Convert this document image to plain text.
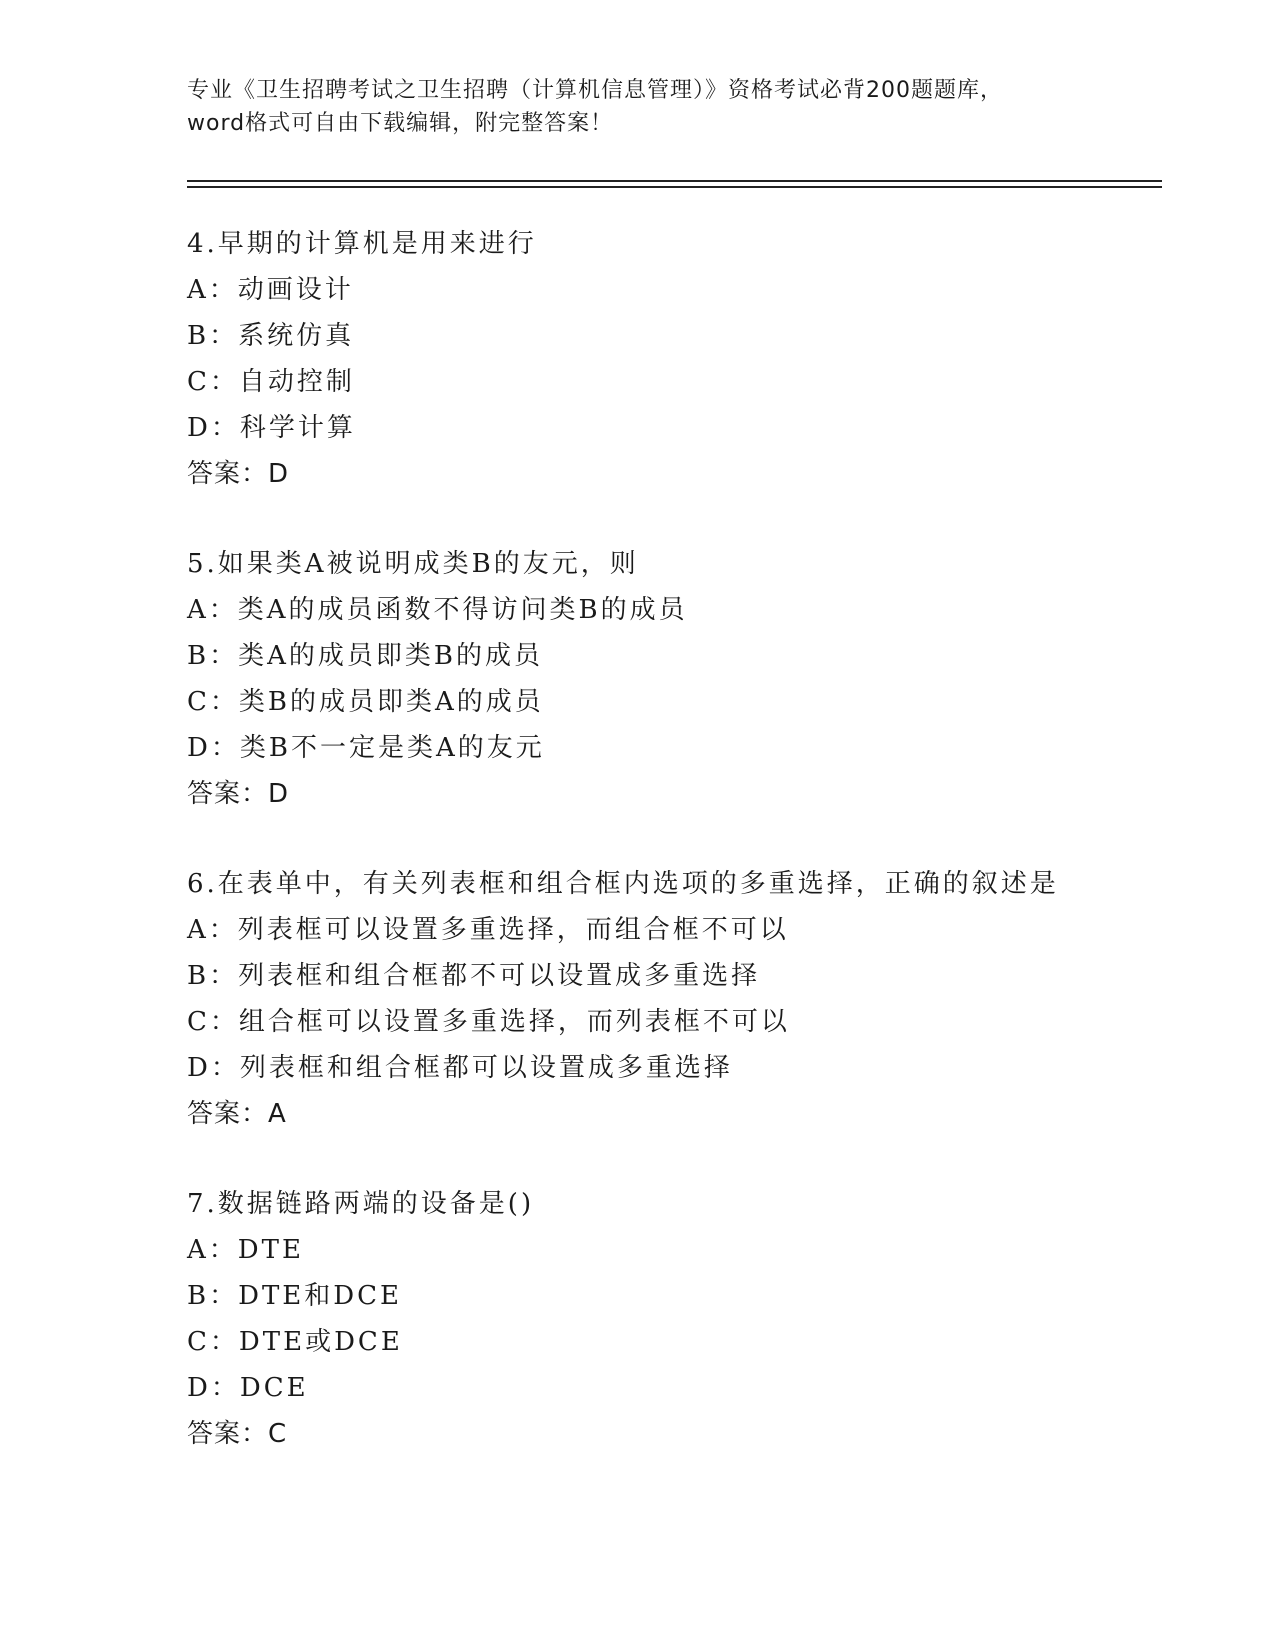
专业《卫生招聘考试之卫生招聘（计算机信息管理）》资格考试必背200题题库，
word格式可自由下载编辑，附完整答案！
4.早期的计算机是用来进行
A：动画设计
B：系统仿真
C：自动控制
D：科学计算
答案：D
5.如果类A被说明成类B的友元，则
A：类A的成员函数不得访问类B的成员
B：类A的成员即类B的成员
C：类B的成员即类A的成员
D：类B不一定是类A的友元
答案：D
6.在表单中，有关列表框和组合框内选项的多重选择，正确的叙述是
A：列表框可以设置多重选择，而组合框不可以
B：列表框和组合框都不可以设置成多重选择
C：组合框可以设置多重选择，而列表框不可以
D：列表框和组合框都可以设置成多重选择
答案：A
7.数据链路两端的设备是()
A：DTE
B：DTE和DCE
C：DTE或DCE
D：DCE
答案：C
